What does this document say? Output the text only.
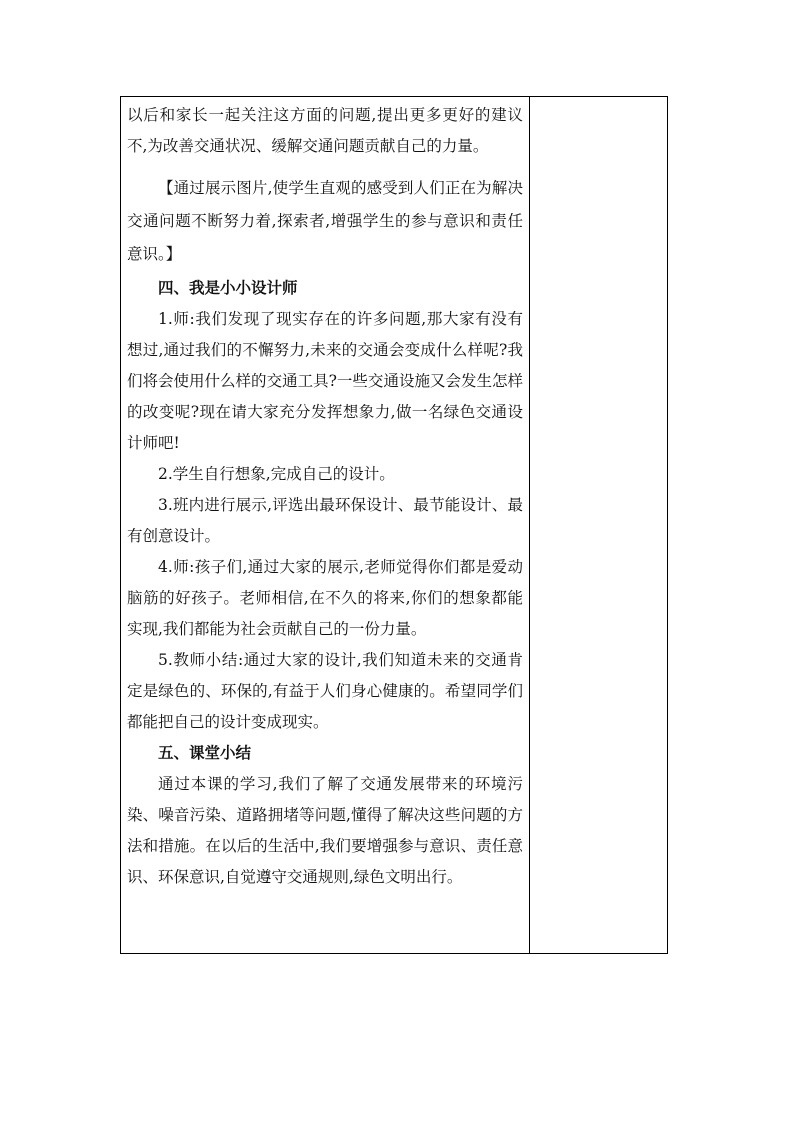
以后和家长一起关注这方面的问题,提出更多更好的建议不,为改善交通状况、缓解交通问题贡献自己的力量。

【通过展示图片,使学生直观的感受到人们正在为解决交通问题不断努力着,探索者,增强学生的参与意识和责任意识。】

四、我是小小设计师

1.师:我们发现了现实存在的许多问题,那大家有没有想过,通过我们的不懈努力,未来的交通会变成什么样呢?我们将会使用什么样的交通工具?一些交通设施又会发生怎样的改变呢?现在请大家充分发挥想象力,做一名绿色交通设计师吧!

2.学生自行想象,完成自己的设计。

3.班内进行展示,评选出最环保设计、最节能设计、最有创意设计。

4.师:孩子们,通过大家的展示,老师觉得你们都是爱动脑筋的好孩子。老师相信,在不久的将来,你们的想象都能实现,我们都能为社会贡献自己的一份力量。

5.教师小结:通过大家的设计,我们知道未来的交通肯定是绿色的、环保的,有益于人们身心健康的。希望同学们都能把自己的设计变成现实。

五、课堂小结

通过本课的学习,我们了解了交通发展带来的环境污染、噪音污染、道路拥堵等问题,懂得了解决这些问题的方法和措施。在以后的生活中,我们要增强参与意识、责任意识、环保意识,自觉遵守交通规则,绿色文明出行。
